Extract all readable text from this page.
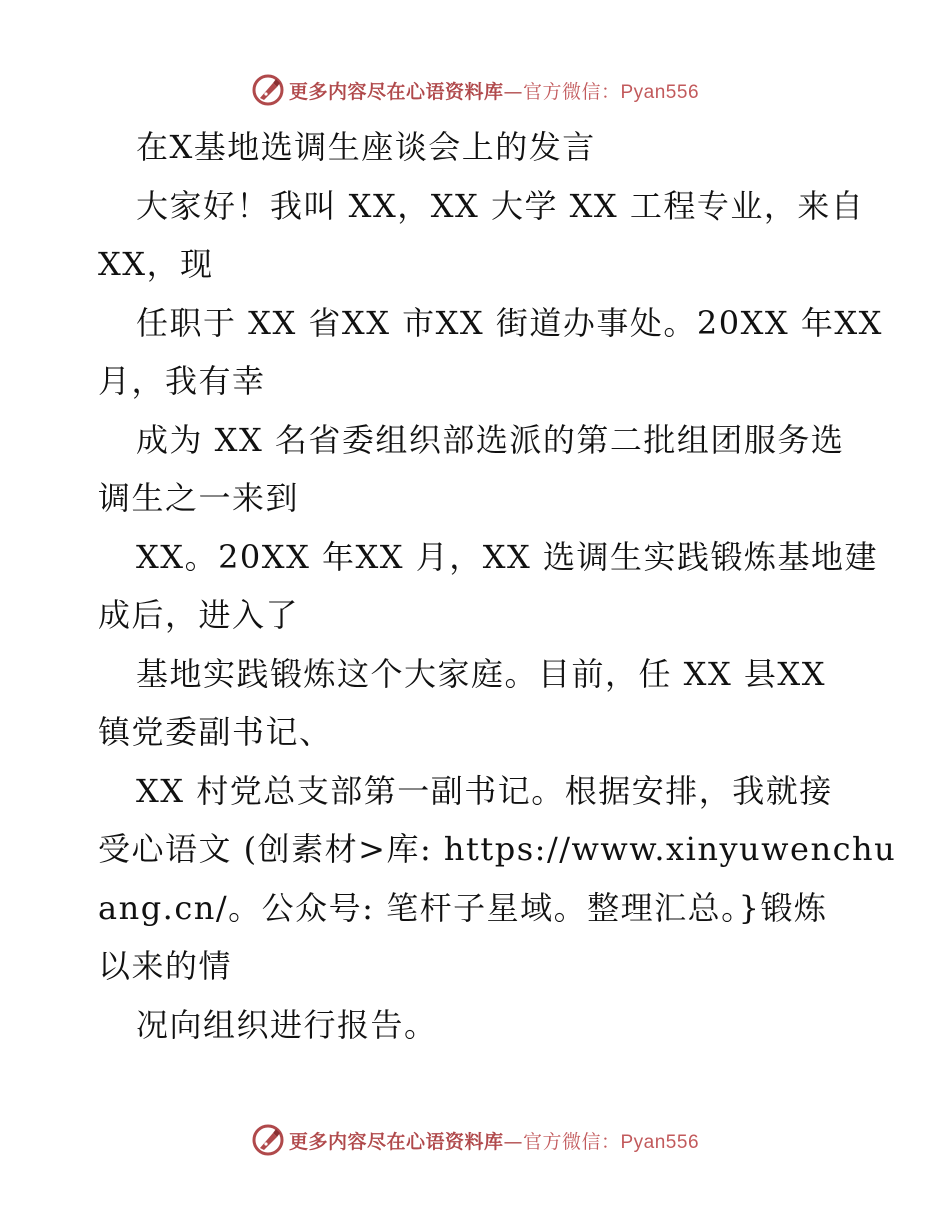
更多内容尽在心语资料库—官方微信：Pyan556
在X基地选调生座谈会上的发言
大家好！我叫 XX，XX 大学 XX 工程专业，来自
XX，现
任职于 XX 省XX 市XX 街道办事处。20XX 年XX
月，我有幸
成为 XX 名省委组织部选派的第二批组团服务选
调生之一来到
XX。20XX 年XX 月，XX 选调生实践锻炼基地建
成后，进入了
基地实践锻炼这个大家庭。目前，任 XX 县XX
镇党委副书记、
XX 村党总支部第一副书记。根据安排，我就接
受心语文 (创素材>库: https://www.xinyuwenchu
ang.cn/。公众号: 笔杆子星域。整理汇总。}锻炼
以来的情
况向组织进行报告。
更多内容尽在心语资料库—官方微信：Pyan556
